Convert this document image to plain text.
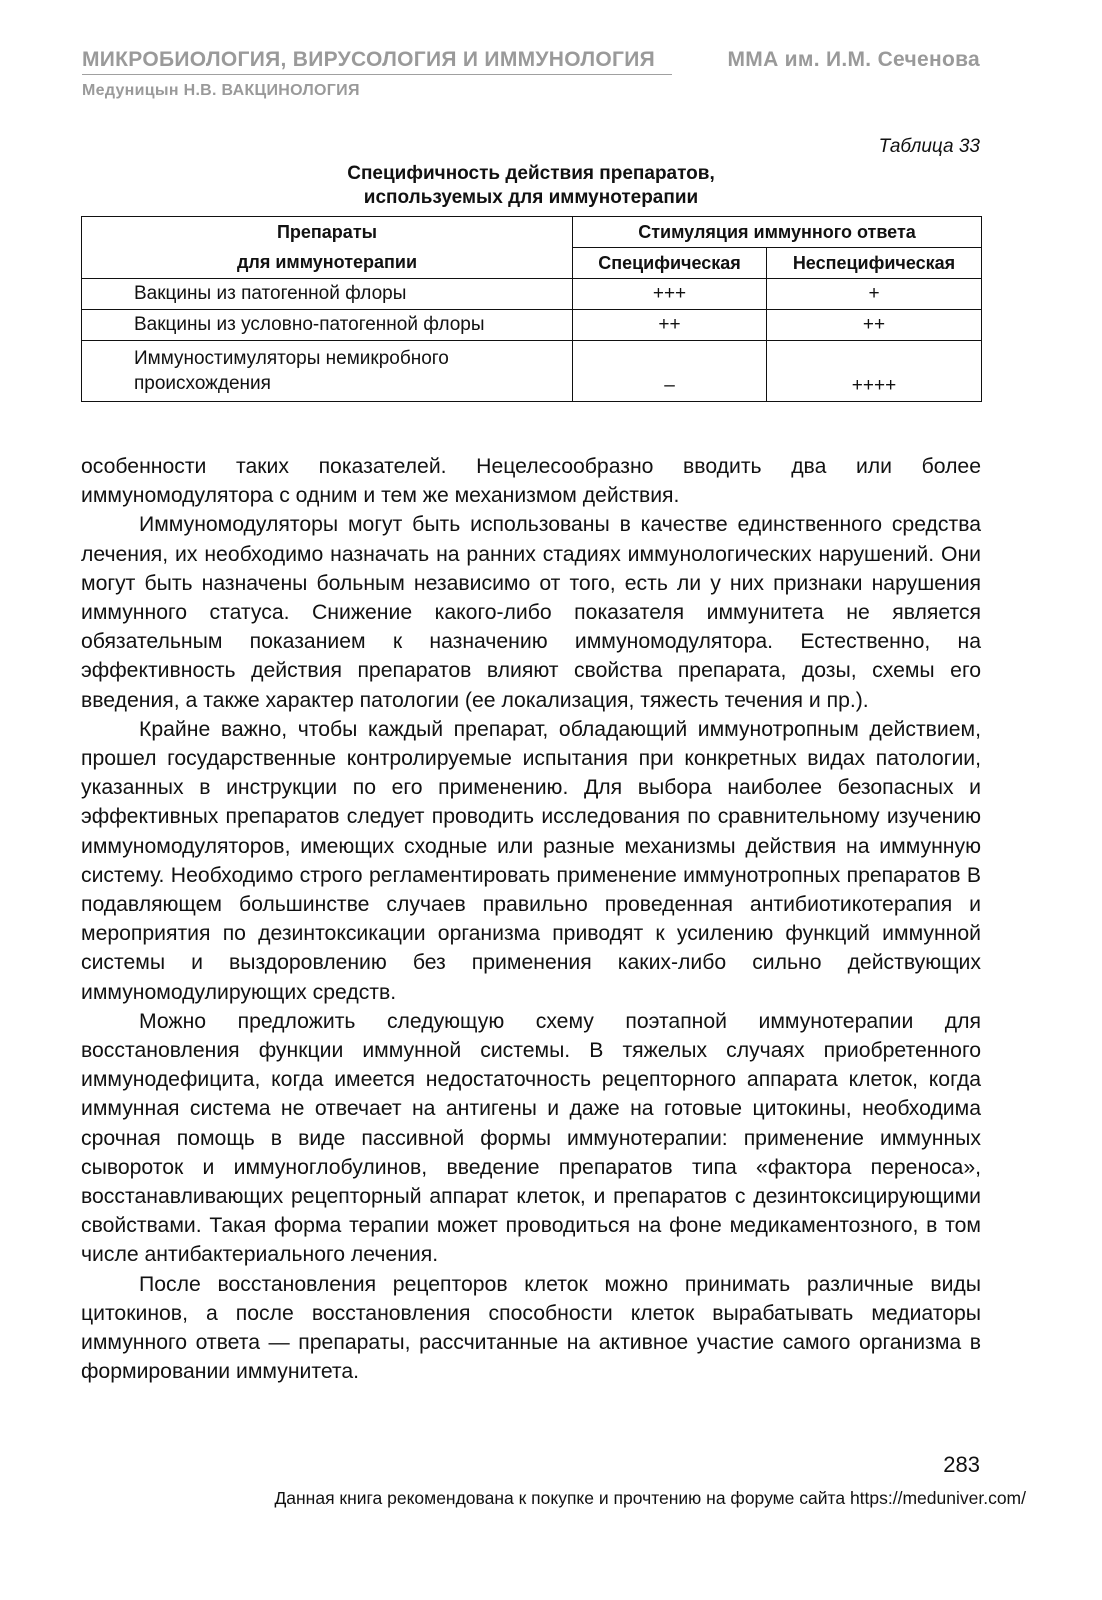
МИКРОБИОЛОГИЯ, ВИРУСОЛОГИЯ И ИММУНОЛОГИЯ	ММА им. И.М. Сеченова
Медуницын Н.В. ВАКЦИНОЛОГИЯ
Таблица 33
Специфичность действия препаратов,
используемых для иммунотерапии
Препараты	Стимуляция иммунного ответа	
для иммунотерапии	Специфическая	Неспецифическая
Вакцины из патогенной флоры	+++	+
Вакцины из условно-патогенной флоры	++	++

Иммуностимуляторы немикробного
происхождения	–	++++

особенности таких показателей. Нецелесообразно вводить два или более иммуномодулятора с одним и тем же механизмом действия.

Иммуномодуляторы могут быть использованы в качестве единственного средства лечения, их необходимо назначать на ранних стадиях иммунологических нарушений. Они могут быть назначены больным независимо от того, есть ли у них признаки нарушения иммунного статуса. Снижение какого-либо показателя иммунитета не является обязательным показанием к назначению иммуномодулятора. Естественно, на эффективность действия препаратов влияют свойства препарата, дозы, схемы его введения, а также характер патологии (ее локализация, тяжесть течения и пр.).

Крайне важно, чтобы каждый препарат, обладающий иммунотропным действием, прошел государственные контролируемые испытания при конкретных видах патологии, указанных в инструкции по его применению. Для выбора наиболее безопасных и эффективных препаратов следует проводить исследования по сравнительному изучению иммуномодуляторов, имеющих сходные или разные механизмы действия на иммунную систему. Необходимо строго регламентировать применение иммунотропных препаратов В подавляющем большинстве случаев правильно проведенная антибиотикотерапия и мероприятия по дезинтоксикации организма приводят к усилению функций иммунной системы и выздоровлению без применения каких-либо сильно действующих иммуномодулирующих средств.

Можно предложить следующую схему поэтапной иммунотерапии для восстановления функции иммунной системы. В тяжелых случаях приобретенного иммунодефицита, когда имеется недостаточность рецепторного аппарата клеток, когда иммунная система не отвечает на антигены и даже на готовые цитокины, необходима срочная помощь в виде пассивной формы иммунотерапии: применение иммунных сывороток и иммуноглобулинов, введение препаратов типа «фактора переноса», восстанавливающих рецепторный аппарат клеток, и препаратов с дезинтоксицирующими свойствами. Такая форма терапии может проводиться на фоне медикаментозного, в том числе антибактериального лечения.

После восстановления рецепторов клеток можно принимать различные виды цитокинов, а после восстановления способности клеток вырабатывать медиаторы иммунного ответа — препараты, рассчитанные на активное участие самого организма в формировании иммунитета.

283
Данная книга рекомендована к покупке и прочтению на форуме сайта https://meduniver.com/
